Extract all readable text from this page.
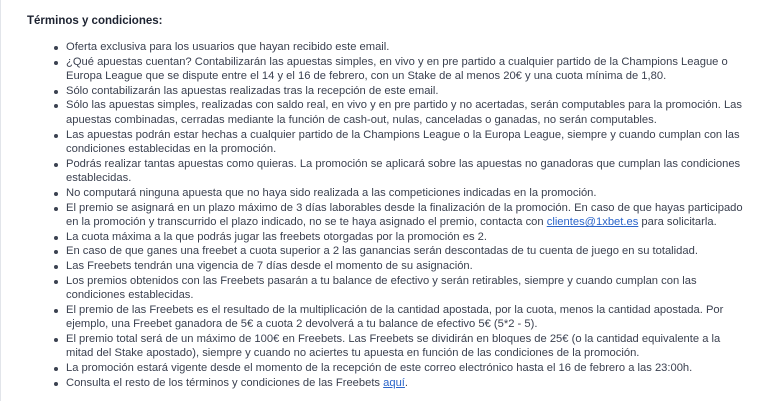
Términos y condiciones:
Oferta exclusiva para los usuarios que hayan recibido este email.
¿Qué apuestas cuentan? Contabilizarán las apuestas simples, en vivo y en pre partido a cualquier partido de la Champions League o Europa League que se dispute entre el 14 y el 16 de febrero, con un Stake de al menos 20€ y una cuota mínima de 1,80.
Sólo contabilizarán las apuestas realizadas tras la recepción de este email.
Sólo las apuestas simples, realizadas con saldo real, en vivo y en pre partido y no acertadas, serán computables para la promoción. Las apuestas combinadas, cerradas mediante la función de cash-out, nulas, canceladas o ganadas, no serán computables.
Las apuestas podrán estar hechas a cualquier partido de la Champions League o la Europa League, siempre y cuando cumplan con las condiciones establecidas en la promoción.
Podrás realizar tantas apuestas como quieras. La promoción se aplicará sobre las apuestas no ganadoras que cumplan las condiciones establecidas.
No computará ninguna apuesta que no haya sido realizada a las competiciones indicadas en la promoción.
El premio se asignará en un plazo máximo de 3 días laborables desde la finalización de la promoción. En caso de que hayas participado en la promoción y transcurrido el plazo indicado, no se te haya asignado el premio, contacta con clientes@1xbet.es para solicitarla.
La cuota máxima a la que podrás jugar las freebets otorgadas por la promoción es 2.
En caso de que ganes una freebet a cuota superior a 2 las ganancias serán descontadas de tu cuenta de juego en su totalidad.
Las Freebets tendrán una vigencia de 7 días desde el momento de su asignación.
Los premios obtenidos con las Freebets pasarán a tu balance de efectivo y serán retirables, siempre y cuando cumplan con las condiciones establecidas.
El premio de las Freebets es el resultado de la multiplicación de la cantidad apostada, por la cuota, menos la cantidad apostada. Por ejemplo, una Freebet ganadora de 5€ a cuota 2 devolverá a tu balance de efectivo 5€ (5*2 - 5).
El premio total será de un máximo de 100€ en Freebets. Las Freebets se dividirán en bloques de 25€ (o la cantidad equivalente a la mitad del Stake apostado), siempre y cuando no aciertes tu apuesta en función de las condiciones de la promoción.
La promoción estará vigente desde el momento de la recepción de este correo electrónico hasta el 16 de febrero a las 23:00h.
Consulta el resto de los términos y condiciones de las Freebets aquí.
